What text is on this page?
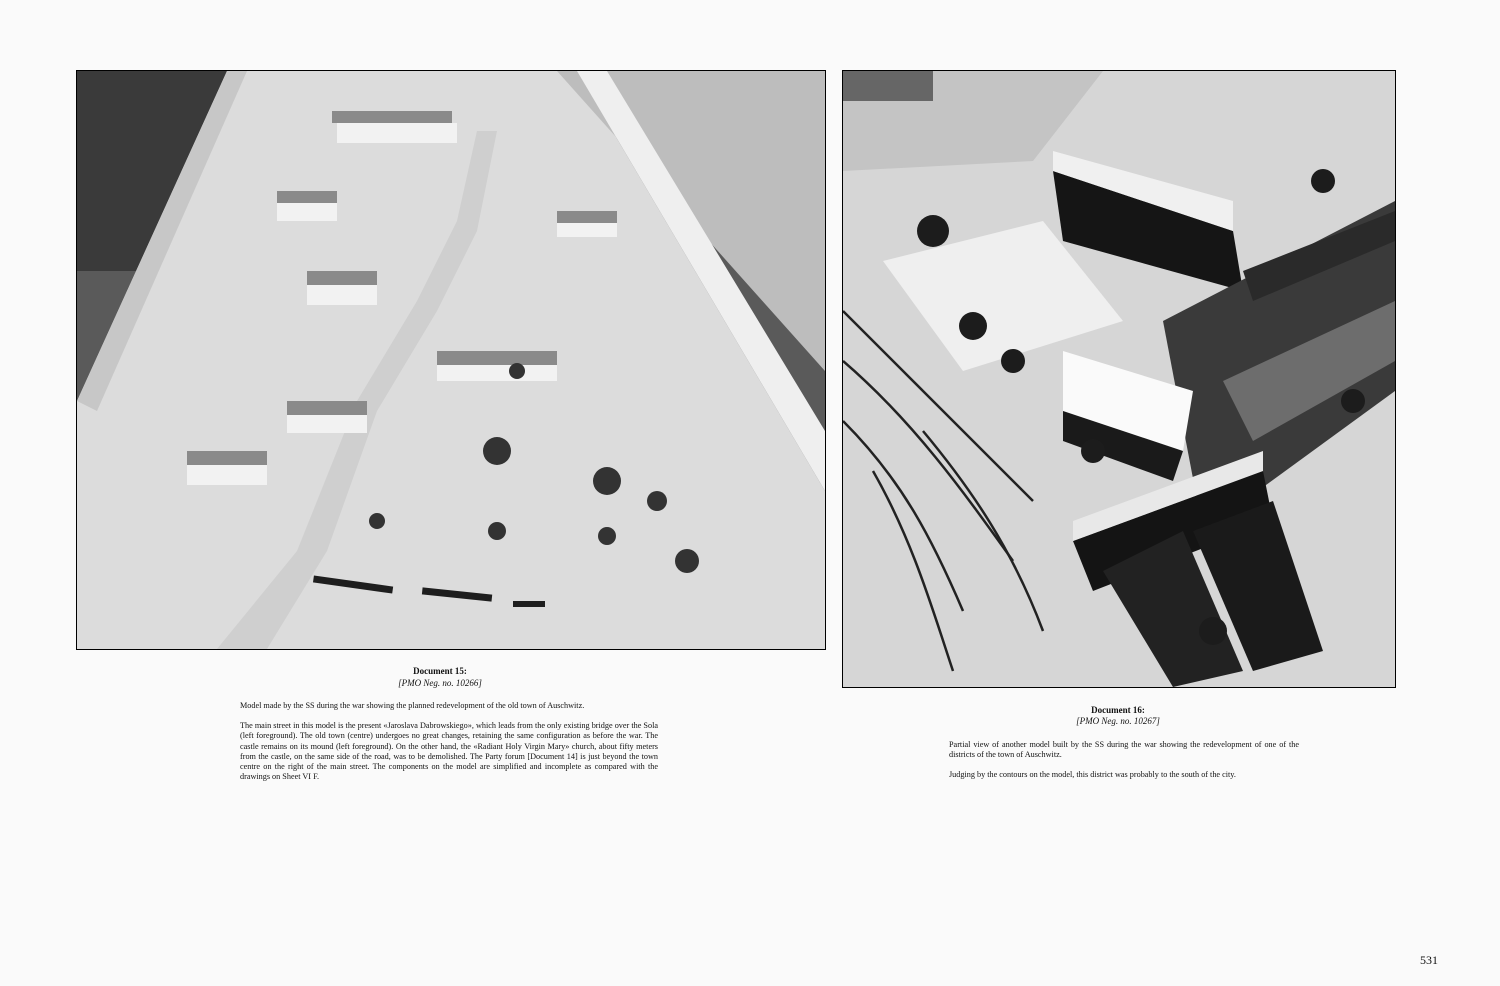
Document 15:
[PMO Neg. no. 10266]

Model made by the SS during the war showing the planned redevelopment of the old town of Auschwitz.

The main street in this model is the present «Jaroslava Dabrowskiego», which leads from the only existing bridge over the Sola (left foreground). The old town (centre) undergoes no great changes, retaining the same configuration as before the war. The castle remains on its mound (left foreground). On the other hand, the «Radiant Holy Virgin Mary» church, about fifty meters from the castle, on the same side of the road, was to be demolished. The Party forum [Document 14] is just beyond the town centre on the right of the main street. The components on the model are simplified and incomplete as compared with the drawings on Sheet VI F.

Document 16:
[PMO Neg. no. 10267]

Partial view of another model built by the SS during the war showing the redevelopment of one of the districts of the town of Auschwitz.

Judging by the contours on the model, this district was probably to the south of the city.

531
